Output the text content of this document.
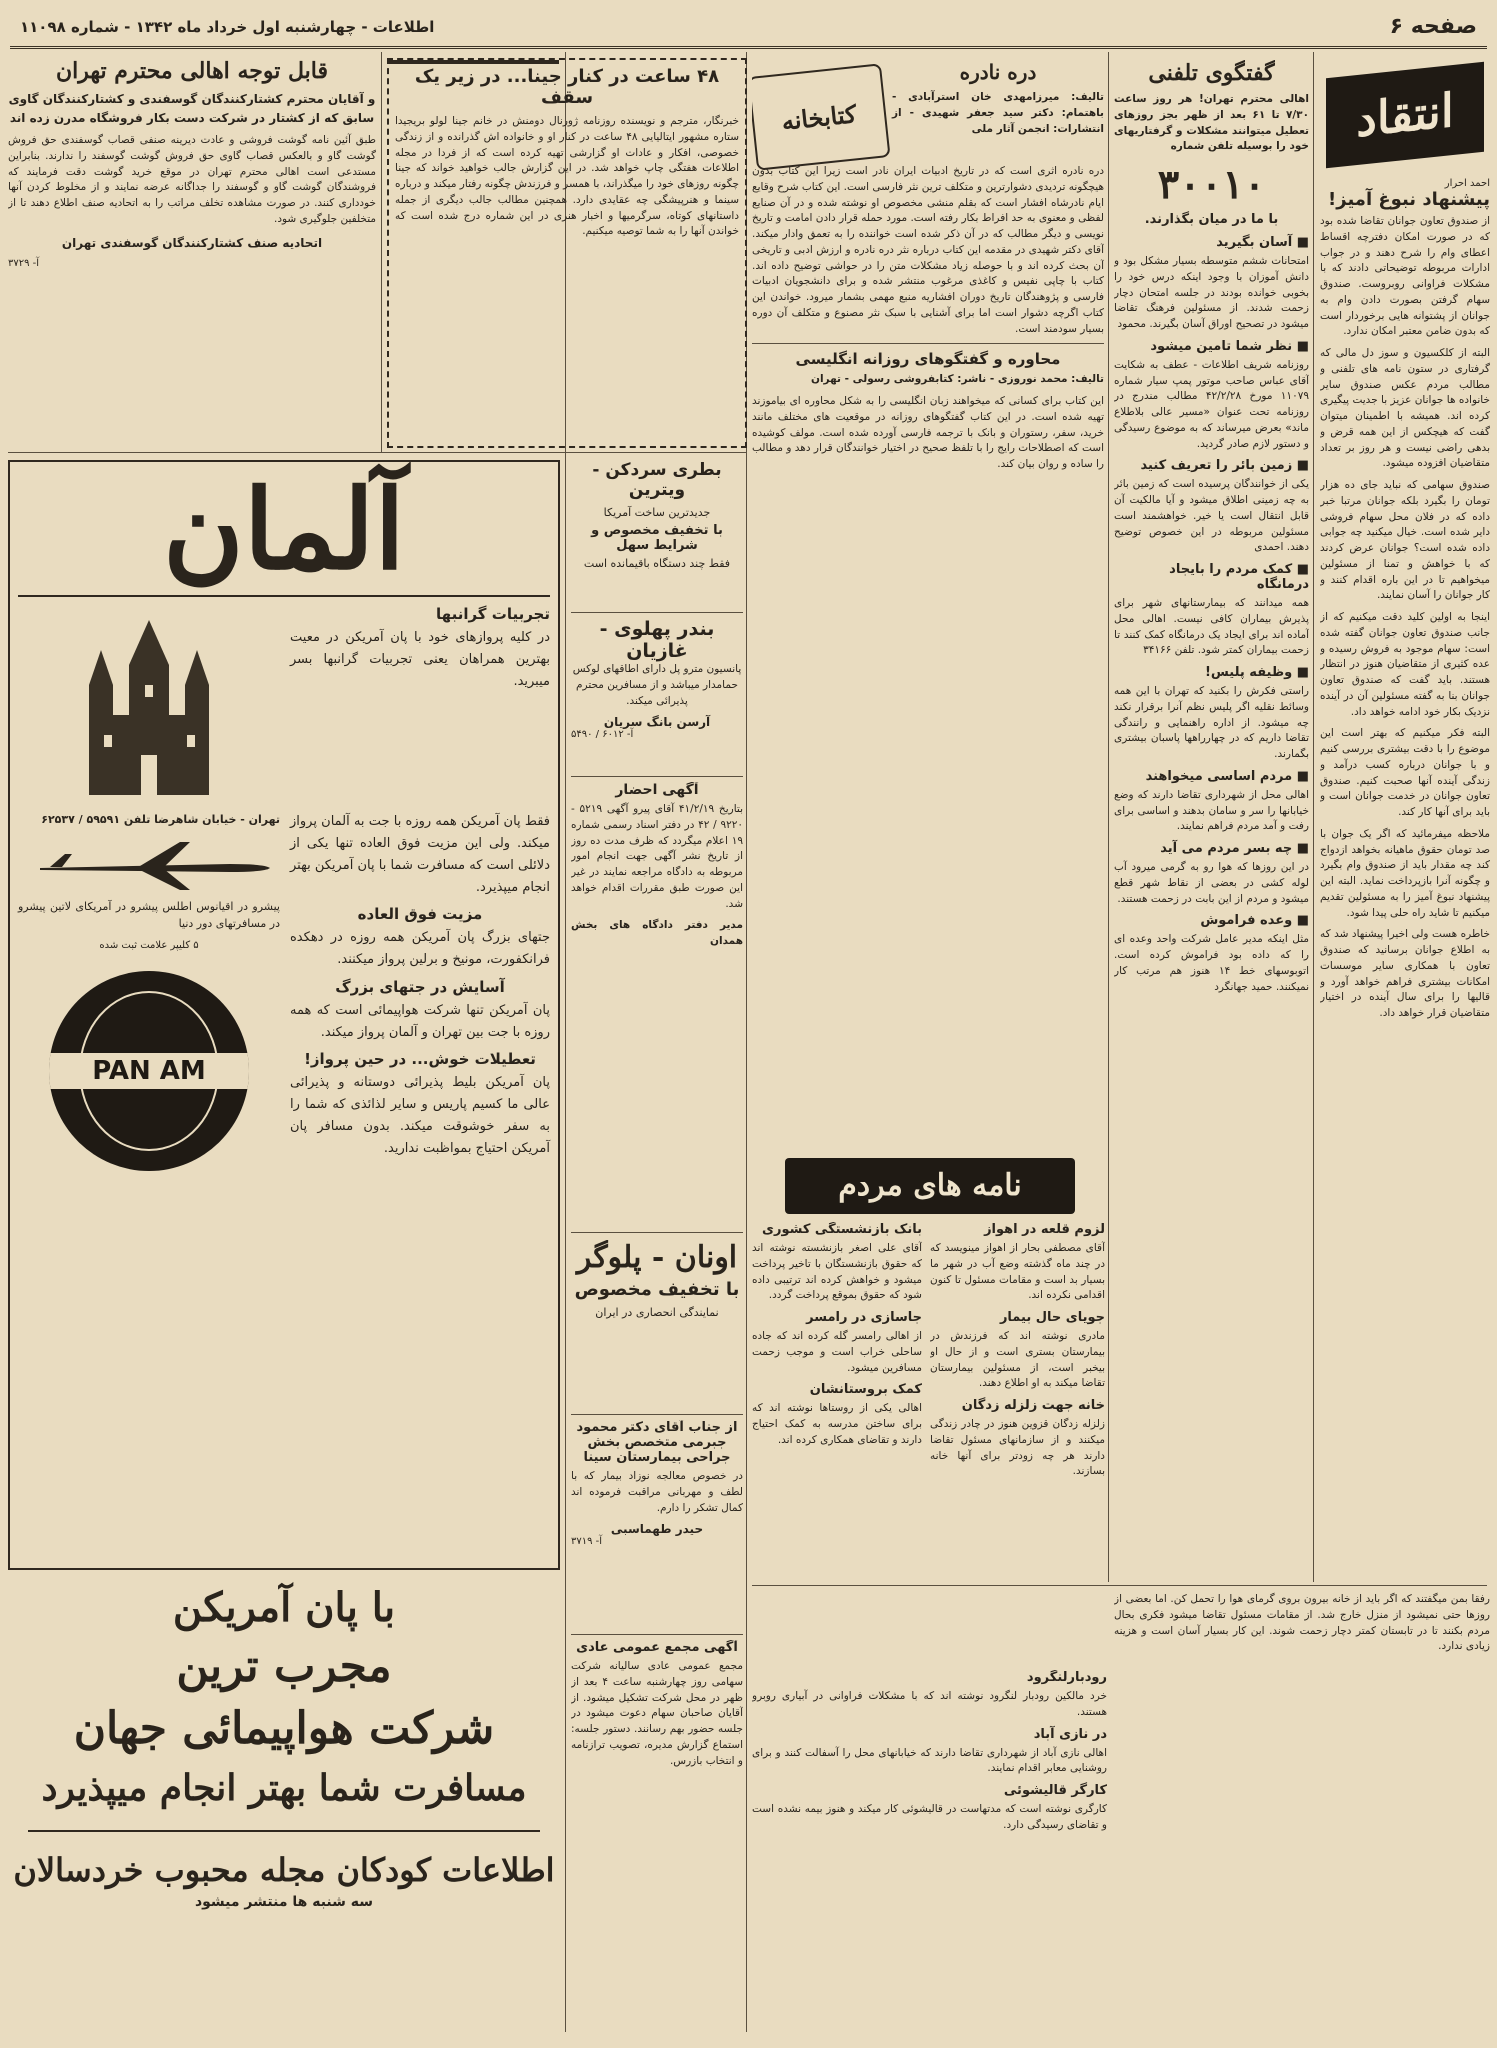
صفحه ۶
اطلاعات - چهارشنبه اول خرداد ماه ۱۳۴۲ - شماره ۱۱۰۹۸
انتقاد
احمد احرار
پیشنهاد نبوغ آمیز!

از صندوق تعاون جوانان تقاضا شده بود که در صورت امکان دفترچه اقساط اعطای وام را شرح دهند و در جواب ادارات مربوطه توضیحاتی دادند که با مشکلات فراوانی روبروست. صندوق سهام گرفتن بصورت دادن وام به جوانان از پشتوانه هایی برخوردار است که بدون ضامن معتبر امکان ندارد.

البته از کلکسیون و سوز دل مالی که گرفتاری در ستون نامه های تلفنی و مطالب مردم عکس صندوق سایر خانواده ها جوانان عزیز با جدیت پیگیری کرده اند. همیشه با اطمینان میتوان گفت که هیچکس از این همه قرض و بدهی راضی نیست و هر روز بر تعداد متقاضیان افزوده میشود.

صندوق سهامی که نباید جای ده هزار تومان را بگیرد بلکه جوانان مرتبا خبر داده که در فلان محل سهام فروشی دایر شده است. خیال میکنید چه جوابی داده شده است؟ جوانان عرض کردند که با خواهش و تمنا از مسئولین میخواهیم تا در این باره اقدام کنند و کار جوانان را آسان نمایند.

اینجا به اولین کلید دقت میکنیم که از جانب صندوق تعاون جوانان گفته شده است: سهام موجود به فروش رسیده و عده کثیری از متقاضیان هنوز در انتظار هستند. باید گفت که صندوق تعاون جوانان بنا به گفته مسئولین آن در آینده نزدیک بکار خود ادامه خواهد داد.

البته فکر میکنیم که بهتر است این موضوع را با دقت بیشتری بررسی کنیم و با جوانان درباره کسب درآمد و زندگی آینده آنها صحبت کنیم. صندوق تعاون جوانان در خدمت جوانان است و باید برای آنها کار کند.

ملاحظه میفرمائید که اگر یک جوان با صد تومان حقوق ماهیانه بخواهد ازدواج کند چه مقدار باید از صندوق وام بگیرد و چگونه آنرا بازپرداخت نماید. البته این پیشنهاد نبوغ آمیز را به مسئولین تقدیم میکنیم تا شاید راه حلی پیدا شود.

خاطره هست ولی اخیرا پیشنهاد شد که به اطلاع جوانان برسانید که صندوق تعاون با همکاری سایر موسسات امکانات بیشتری فراهم خواهد آورد و قالیها را برای سال آینده در اختیار متقاضیان قرار خواهد داد.

گفتگوی تلفنی

اهالی محترم تهران! هر روز ساعت ۷/۳۰ تا ۶۱ بعد از ظهر بجز روزهای تعطیل میتوانند مشکلات و گرفتاریهای خود را بوسیله تلفن شماره

۳۰۰۱۰
با ما در میان بگذارند.
■ آسان بگیرید

امتحانات ششم متوسطه بسیار مشکل بود و دانش آموزان با وجود اینکه درس خود را بخوبی خوانده بودند در جلسه امتحان دچار زحمت شدند. از مسئولین فرهنگ تقاضا میشود در تصحیح اوراق آسان بگیرند. محمود

■ نظر شما تامین میشود

روزنامه شریف اطلاعات - عطف به شکایت آقای عباس صاحب موتور پمپ سیار شماره ۱۱۰۷۹ مورخ ۴۲/۲/۲۸ مطالب مندرج در روزنامه تحت عنوان «مسیر عالی بلاطلاع ماند» بعرض میرساند که به موضوع رسیدگی و دستور لازم صادر گردید.

■ زمین بائر را تعریف کنید

یکی از خوانندگان پرسیده است که زمین بائر به چه زمینی اطلاق میشود و آیا مالکیت آن قابل انتقال است یا خیر. خواهشمند است مسئولین مربوطه در این خصوص توضیح دهند. احمدی

■ کمک مردم را بایجاد درمانگاه

همه میدانند که بیمارستانهای شهر برای پذیرش بیماران کافی نیست. اهالی محل آماده اند برای ایجاد یک درمانگاه کمک کنند تا زحمت بیماران کمتر شود. تلفن ۳۴۱۶۶

■ وظیفه پلیس!

راستی فکرش را بکنید که تهران با این همه وسائط نقلیه اگر پلیس نظم آنرا برقرار نکند چه میشود. از اداره راهنمایی و رانندگی تقاضا داریم که در چهارراهها پاسبان بیشتری بگمارند.

■ مردم اساسی میخواهند

اهالی محل از شهرداری تقاضا دارند که وضع خیابانها را سر و سامان بدهند و اساسی برای رفت و آمد مردم فراهم نمایند.

■ چه بسر مردم می آید

در این روزها که هوا رو به گرمی میرود آب لوله کشی در بعضی از نقاط شهر قطع میشود و مردم از این بابت در زحمت هستند.

■ وعده فراموش

مثل اینکه مدیر عامل شرکت واحد وعده ای را که داده بود فراموش کرده است. اتوبوسهای خط ۱۴ هنوز هم مرتب کار نمیکنند. حمید جهانگرد

رفقا بمن میگفتند که اگر باید از خانه بیرون بروی گرمای هوا را تحمل کن. اما بعضی از روزها حتی نمیشود از منزل خارج شد. از مقامات مسئول تقاضا میشود فکری بحال مردم بکنند تا در تابستان کمتر دچار زحمت شوند. این کار بسیار آسان است و هزینه زیادی ندارد.

دره نادره

تالیف: میرزامهدی خان استرآبادی - باهتمام: دکتر سید جعفر شهیدی - از انتشارات: انجمن آثار ملی

کتابخانه

دره نادره اثری است که در تاریخ ادبیات ایران نادر است زیرا این کتاب بدون هیچگونه تردیدی دشوارترین و متکلف ترین نثر فارسی است. این کتاب شرح وقایع ایام نادرشاه افشار است که بقلم منشی مخصوص او نوشته شده و در آن صنایع لفظی و معنوی به حد افراط بکار رفته است. مورد حمله قرار دادن امامت و تاریخ نویسی و دیگر مطالب که در آن ذکر شده است خواننده را به تعمق وادار میکند. آقای دکتر شهیدی در مقدمه این کتاب درباره نثر دره نادره و ارزش ادبی و تاریخی آن بحث کرده اند و با حوصله زیاد مشکلات متن را در حواشی توضیح داده اند. کتاب با چاپی نفیس و کاغذی مرغوب منتشر شده و برای دانشجویان ادبیات فارسی و پژوهندگان تاریخ دوران افشاریه منبع مهمی بشمار میرود. خواندن این کتاب اگرچه دشوار است اما برای آشنایی با سبک نثر مصنوع و متکلف آن دوره بسیار سودمند است.

محاوره و گفتگوهای روزانه انگلیسی

تالیف: محمد نوروزی - ناشر: کتابفروشی رسولی - تهران

این کتاب برای کسانی که میخواهند زبان انگلیسی را به شکل محاوره ای بیاموزند تهیه شده است. در این کتاب گفتگوهای روزانه در موقعیت های مختلف مانند خرید، سفر، رستوران و بانک با ترجمه فارسی آورده شده است. مولف کوشیده است که اصطلاحات رایج را با تلفظ صحیح در اختیار خوانندگان قرار دهد و مطالب را ساده و روان بیان کند.

نامه های مردم
لزوم قلعه در اهواز

آقای مصطفی بحار از اهواز مینویسد که در چند ماه گذشته وضع آب در شهر ما بسیار بد است و مقامات مسئول تا کنون اقدامی نکرده اند.

جویای حال بیمار

مادری نوشته اند که فرزندش در بیمارستان بستری است و از حال او بیخبر است، از مسئولین بیمارستان تقاضا میکند به او اطلاع دهند.

خانه جهت زلزله زدگان

زلزله زدگان قزوین هنوز در چادر زندگی میکنند و از سازمانهای مسئول تقاضا دارند هر چه زودتر برای آنها خانه بسازند.

بانک بازنشستگی کشوری

آقای علی اصغر بازنشسته نوشته اند که حقوق بازنشستگان با تاخیر پرداخت میشود و خواهش کرده اند ترتیبی داده شود که حقوق بموقع پرداخت گردد.

جاسازی در رامسر

از اهالی رامسر گله کرده اند که جاده ساحلی خراب است و موجب زحمت مسافرین میشود.

کمک بروستانشان

اهالی یکی از روستاها نوشته اند که برای ساختن مدرسه به کمک احتیاج دارند و تقاضای همکاری کرده اند.

رودبارلنگرود

خرد مالکین رودبار لنگرود نوشته اند که با مشکلات فراوانی در آبیاری روبرو هستند.

در نازی آباد

اهالی نازی آباد از شهرداری تقاضا دارند که خیابانهای محل را آسفالت کنند و برای روشنایی معابر اقدام نمایند.

کارگر قالیشوئی

کارگری نوشته است که مدتهاست در قالیشوئی کار میکند و هنوز بیمه نشده است و تقاضای رسیدگی دارد.

۴۸ ساعت در کنار جینا... در زیر یک سقف

خبرنگار، مترجم و نویسنده روزنامه ژورنال دومنش در خانم جینا لولو بریجیدا ستاره مشهور ایتالیایی ۴۸ ساعت در کنار او و خانواده اش گذرانده و از زندگی خصوصی، افکار و عادات او گزارشی تهیه کرده است که از فردا در مجله اطلاعات هفتگی چاپ خواهد شد. در این گزارش جالب خواهید خواند که جینا چگونه روزهای خود را میگذراند، با همسر و فرزندش چگونه رفتار میکند و درباره سینما و هنرپیشگی چه عقایدی دارد. همچنین مطالب جالب دیگری از جمله داستانهای کوتاه، سرگرمیها و اخبار هنری در این شماره درج شده است که خواندن آنها را به شما توصیه میکنیم.

قابل توجه اهالی محترم تهران

و آقایان محترم کشتارکنندگان گوسفندی و کشتارکنندگان گاوی سابق که از کشتار در شرکت دست بکار فروشگاه مدرن زده اند

طبق آئین نامه گوشت فروشی و عادت دیرینه صنفی قصاب گوسفندی حق فروش گوشت گاو و بالعکس قصاب گاوی حق فروش گوشت گوسفند را ندارند. بنابراین مستدعی است اهالی محترم تهران در موقع خرید گوشت دقت فرمایند که فروشندگان گوشت گاو و گوسفند را جداگانه عرضه نمایند و از مخلوط کردن آنها خودداری کنند. در صورت مشاهده تخلف مراتب را به اتحادیه صنف اطلاع دهند تا از متخلفین جلوگیری شود.

اتحادیه صنف کشتارکنندگان گوسفندی تهران

آ- ۳۷۲۹
بطری سردکن - ویترین
جدیدترین ساخت آمریکا
با تخفیف مخصوص و شرایط سهل
فقط چند دستگاه باقیمانده است
بندر پهلوی - غازیان

پانسیون مترو پل دارای اطاقهای لوکس حمامدار میباشد و از مسافرین محترم پذیرائی میکند.

آرسن بانگ سریان
آ- ۶۰۱۲ / ۵۴۹۰
آگهی احضار

بتاریخ ۴۱/۲/۱۹ آقای پیرو آگهی ۵۲۱۹ - ۹۲۲۰ / ۴۲ در دفتر اسناد رسمی شماره ۱۹ اعلام میگردد که ظرف مدت ده روز از تاریخ نشر آگهی جهت انجام امور مربوطه به دادگاه مراجعه نمایند در غیر این صورت طبق مقررات اقدام خواهد شد.

مدیر دفتر دادگاه های بخش همدان

اونان - پلوگر
با تخفیف مخصوص
نمایندگی انحصاری در ایران
از جناب آقای دکتر محمود جبرمی متخصص بخش جراحی بیمارستان سینا

در خصوص معالجه نوزاد بیمار که با لطف و مهربانی مراقبت فرموده اند کمال تشکر را دارم.

حیدر طهماسبی
آ- ۳۷۱۹
آگهی مجمع عمومی عادی

مجمع عمومی عادی سالیانه شرکت سهامی روز چهارشنبه ساعت ۴ بعد از ظهر در محل شرکت تشکیل میشود. از آقایان صاحبان سهام دعوت میشود در جلسه حضور بهم رسانند. دستور جلسه: استماع گزارش مدیره، تصویب ترازنامه و انتخاب بازرس.

آلمان
تجربیات گرانبها

در کلیه پروازهای خود با پان آمریکن در معیت بهترین همراهان یعنی تجربیات گرانبها بسر میبرید.

فقط پان آمریکن همه روزه با جت به آلمان پرواز میکند. ولی این مزیت فوق العاده تنها یکی از دلائلی است که مسافرت شما با پان آمریکن بهتر انجام میپذیرد.

مزیت فوق العاده

جتهای بزرگ پان آمریکن همه روزه در دهکده فرانکفورت، مونیخ و برلین پرواز میکنند.

آسایش در جتهای بزرگ

پان آمریکن تنها شرکت هواپیمائی است که همه روزه با جت بین تهران و آلمان پرواز میکند.

تعطیلات خوش... در حین پرواز!

پان آمریکن بلیط پذیرائی دوستانه و پذیرائی عالی ما کسیم پاریس و سایر لذائذی که شما را به سفر خوشوقت میکند. بدون مسافر پان آمریکن احتیاج بمواظبت ندارید.

تهران - خیابان شاهرضا تلفن ۵۹۵۹۱ / ۶۲۵۳۷

پیشرو در اقیانوس اطلس پیشرو در آمریکای لاتین پیشرو در مسافرتهای دور دنیا

۵ کلیپر علامت ثبت شده
PAN AM
با پان آمریکن
مجرب ترین
شرکت هواپیمائی جهان
مسافرت شما بهتر انجام میپذیرد
اطلاعات کودکان مجله محبوب خردسالان
سه شنبه ها منتشر میشود
